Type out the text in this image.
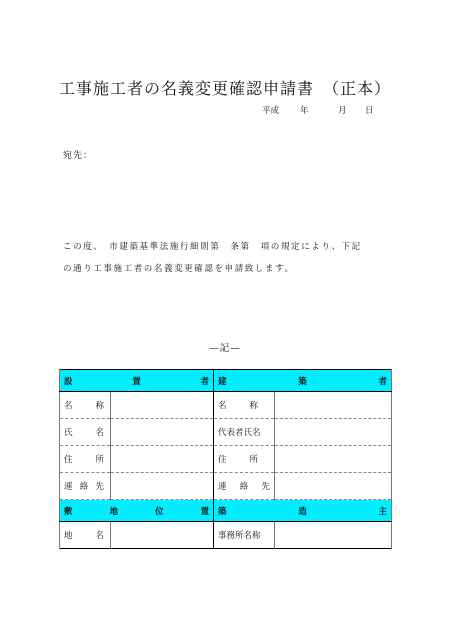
工事施工者の名義変更確認申請書　（正本）
平成 年	月 日
宛先：
この度、　市建築基準法施行細則第　条第　項の規定により、下記
の通り工事施工者の名義変更確認を申請致します。
—記—
設 置 者		建 築 者	

名 称		名 称	

氏 名		代表者氏名	

住 所		住 所	

連 絡 先		連 絡 先	

敷 地 位 置		築 造 主	

地 名		事務所名称	
